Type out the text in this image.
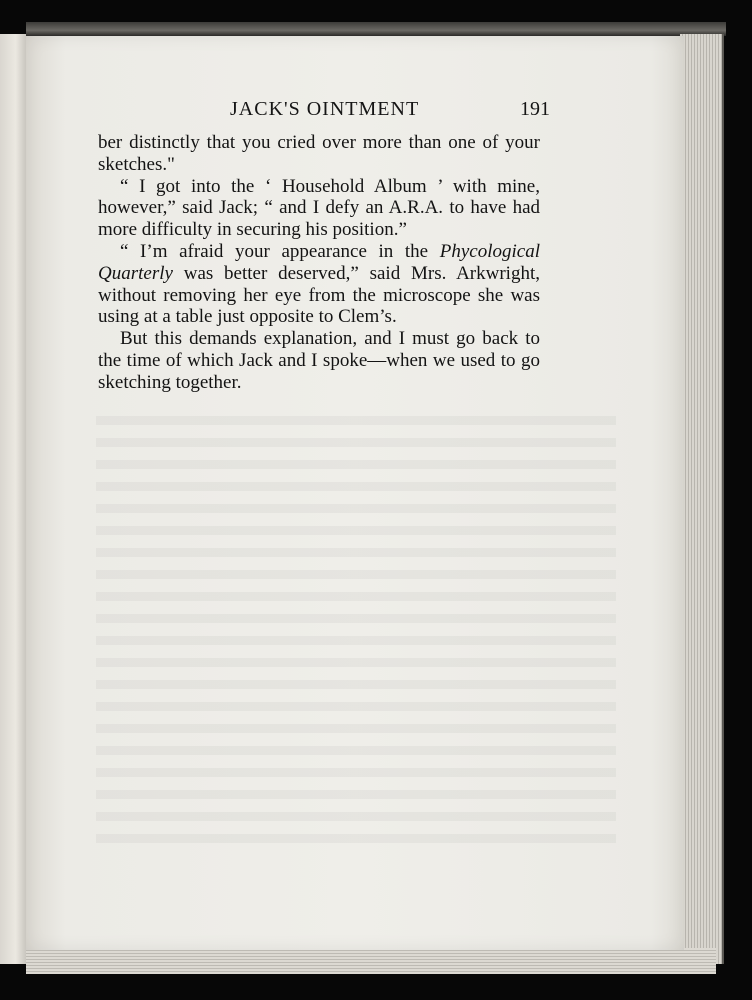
JACK'S OINTMENT	191

ber distinctly that you cried over more than one of your sketches."

“ I got into the ‘ Household Album ’ with mine, however,” said Jack; “ and I defy an A.R.A. to have had more difficulty in securing his position.”

“ I’m afraid your appearance in the Phycological Quarterly was better deserved,” said Mrs. Arkwright, without removing her eye from the microscope she was using at a table just opposite to Clem’s.

But this demands explanation, and I must go back to the time of which Jack and I spoke—when we used to go sketching together.
